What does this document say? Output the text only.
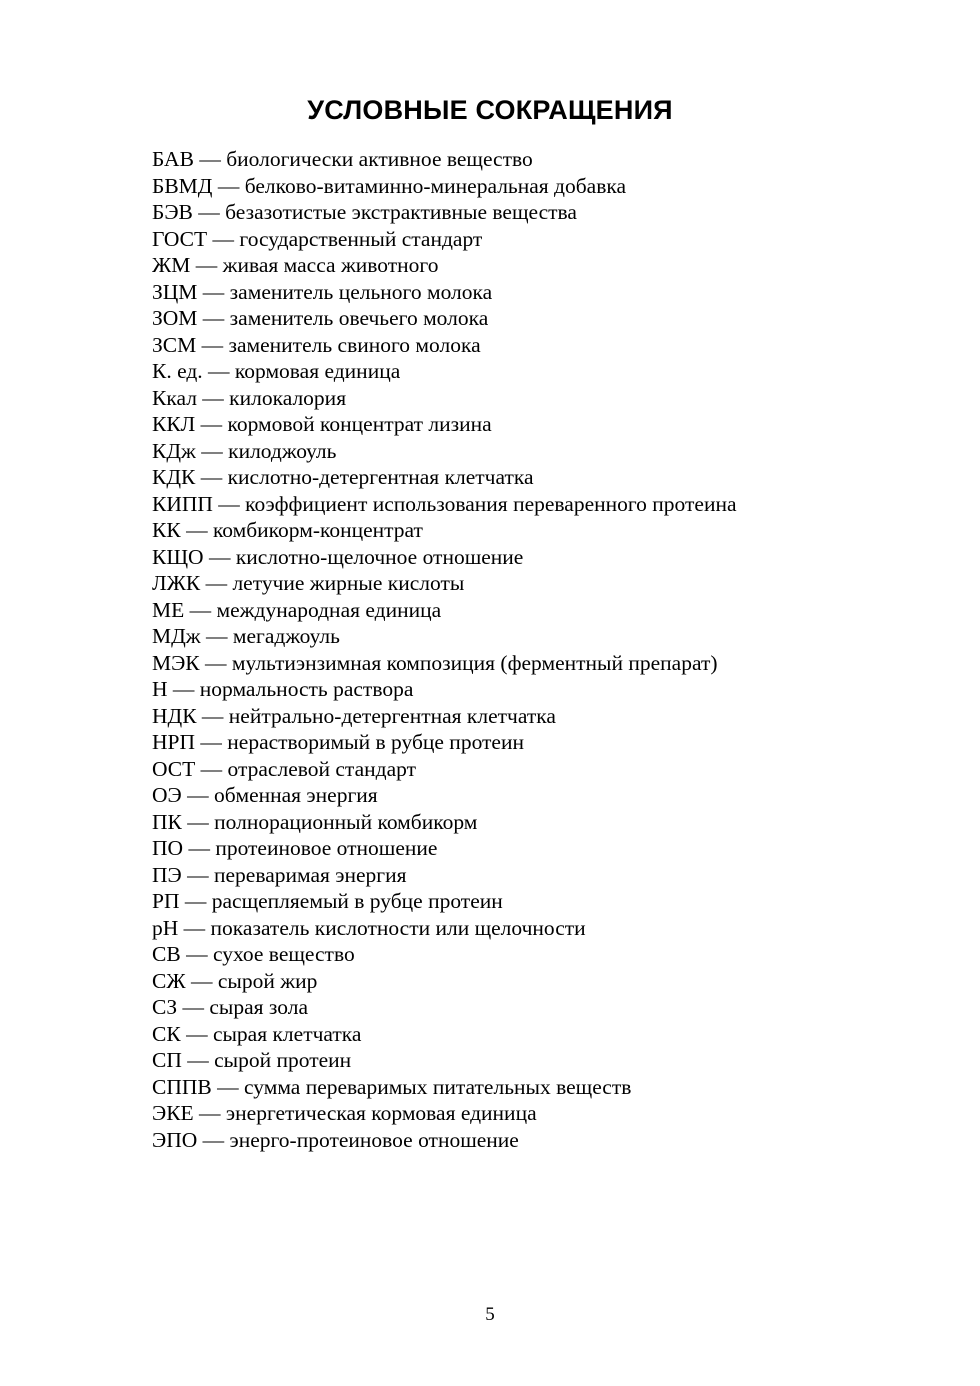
УСЛОВНЫЕ СОКРАЩЕНИЯ
БАВ — биологически активное вещество
БВМД — белково-витаминно-минеральная добавка
БЭВ — безазотистые экстрактивные вещества
ГОСТ — государственный стандарт
ЖМ — живая масса животного
ЗЦМ — заменитель цельного молока
ЗОМ — заменитель овечьего молока
ЗСМ — заменитель свиного молока
К. ед. — кормовая единица
Ккал — килокалория
ККЛ — кормовой концентрат лизина
КДж — килоджоуль
КДК — кислотно-детергентная клетчатка
КИПП — коэффициент использования переваренного протеина
КК — комбикорм-концентрат
КЩО — кислотно-щелочное отношение
ЛЖК — летучие жирные кислоты
МЕ — международная единица
МДж — мегаджоуль
МЭК — мультиэнзимная композиция (ферментный препарат)
Н — нормальность раствора
НДК — нейтрально-детергентная клетчатка
НРП — нерастворимый в рубце протеин
ОСТ — отраслевой стандарт
ОЭ — обменная энергия
ПК — полнорационный комбикорм
ПО — протеиновое отношение
ПЭ — переваримая энергия
РП — расщепляемый в рубце протеин
рН — показатель кислотности или щелочности
СВ — сухое вещество
СЖ — сырой жир
СЗ — сырая зола
СК — сырая клетчатка
СП — сырой протеин
СППВ — сумма переваримых питательных веществ
ЭКЕ — энергетическая кормовая единица
ЭПО — энерго-протеиновое отношение
5
